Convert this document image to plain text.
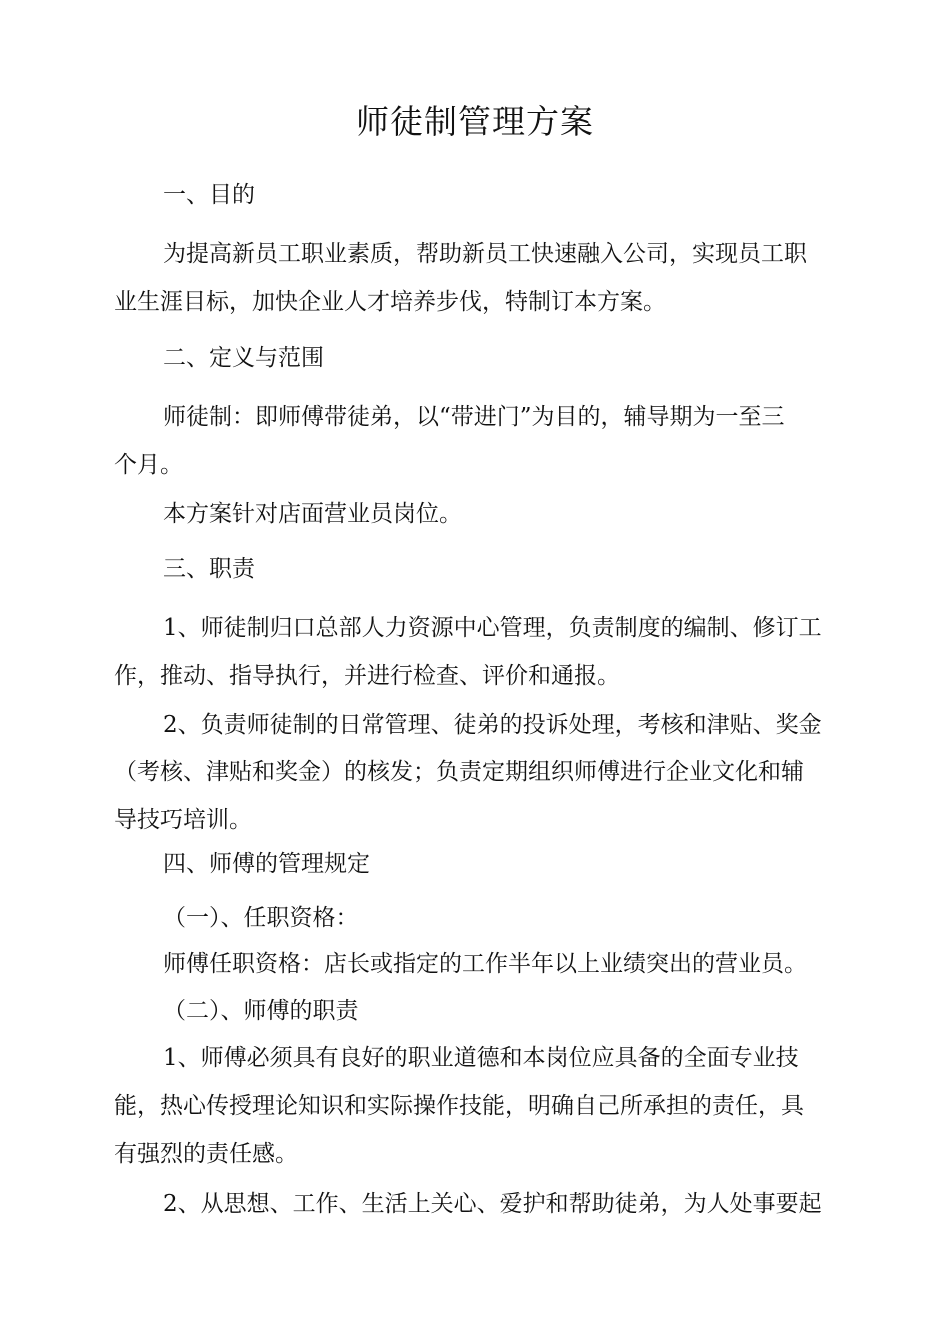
师徒制管理方案
一、目的
为提高新员工职业素质，帮助新员工快速融入公司，实现员工职
业生涯目标，加快企业人才培养步伐，特制订本方案。
二、定义与范围
师徒制：即师傅带徒弟，以“带进门”为目的，辅导期为一至三
个月。
本方案针对店面营业员岗位。
三、职责
1、师徒制归口总部人力资源中心管理，负责制度的编制、修订工
作，推动、指导执行，并进行检查、评价和通报。
2、负责师徒制的日常管理、徒弟的投诉处理，考核和津贴、奖金
（考核、津贴和奖金）的核发；负责定期组织师傅进行企业文化和辅
导技巧培训。
四、师傅的管理规定
（一）、任职资格：
师傅任职资格：店长或指定的工作半年以上业绩突出的营业员。
（二）、师傅的职责
1、师傅必须具有良好的职业道德和本岗位应具备的全面专业技
能，热心传授理论知识和实际操作技能，明确自己所承担的责任，具
有强烈的责任感。
2、从思想、工作、生活上关心、爱护和帮助徒弟，为人处事要起
